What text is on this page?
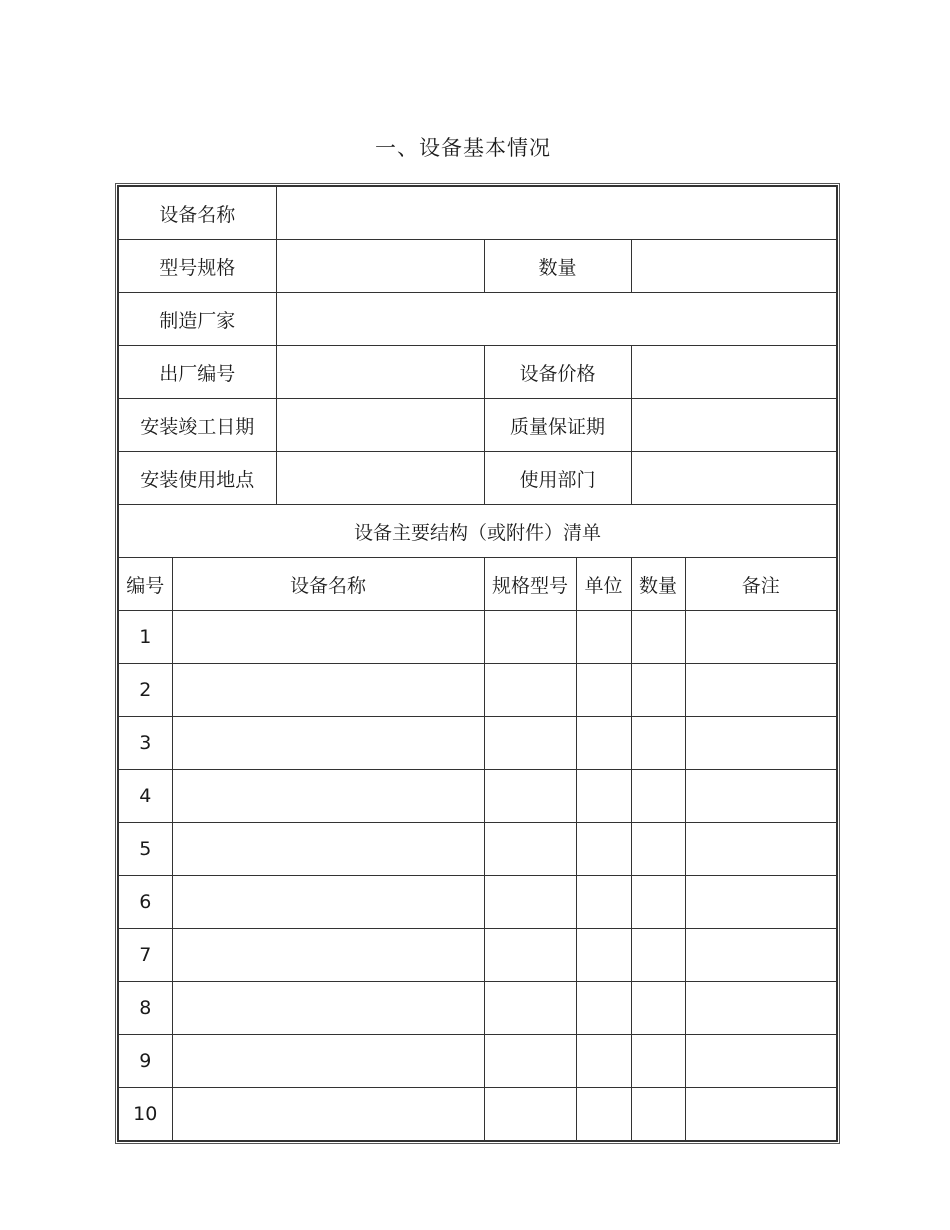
一、设备基本情况
设备名称						
型号规格			数量			
制造厂家						
出厂编号			设备价格			
安装竣工日期			质量保证期			
安装使用地点			使用部门			
设备主要结构（或附件）清单						
编号	设备名称		规格型号	单位	数量	备注
1						
2						
3						
4						
5						
6						
7						
8						
9						
10						
